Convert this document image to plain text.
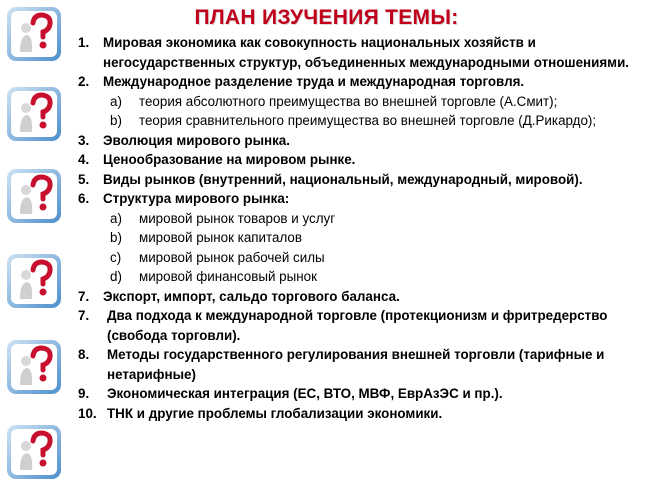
ПЛАН ИЗУЧЕНИЯ ТЕМЫ:
1.	Мировая экономика как совокупность национальных хозяйств и негосударственных структур, объединенных международными отношениями.
2.	Международное разделение труда и международная торговля.
a)	теория абсолютного преимущества во внешней торговле (А.Смит);
b)	теория сравнительного преимущества во внешней торговле (Д.Рикардо);
3.	Эволюция мирового рынка.
4.	Ценообразование на мировом рынке.
5.	Виды рынков (внутренний, национальный, международный, мировой).
6.	Структура мирового рынка:
a)	мировой рынок товаров и услуг
b)	мировой рынок капиталов
c)	мировой рынок рабочей силы
d)	мировой финансовый рынок
7.	Экспорт, импорт, сальдо торгового баланса.
7.	Два подхода к международной торговле (протекционизм и фритредерство (свобода торговли).
8.	Методы государственного регулирования внешней торговли (тарифные и нетарифные)
9.	Экономическая интеграция (ЕС, ВТО, МВФ, ЕврАзЭС и пр.).
10. ТНК и другие проблемы глобализации экономики.
